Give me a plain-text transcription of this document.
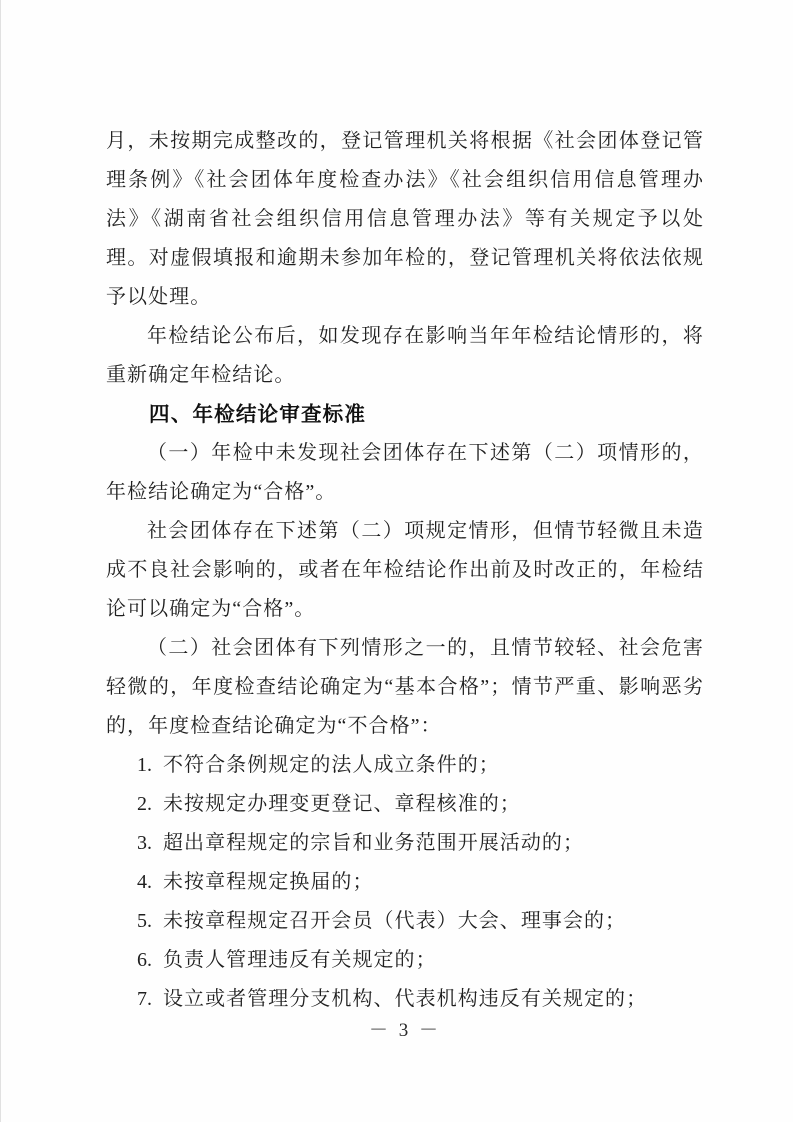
月，未按期完成整改的，登记管理机关将根据《社会团体登记管理条例》《社会团体年度检查办法》《社会组织信用信息管理办法》《湖南省社会组织信用信息管理办法》等有关规定予以处理。对虚假填报和逾期未参加年检的，登记管理机关将依法依规予以处理。

年检结论公布后，如发现存在影响当年年检结论情形的，将重新确定年检结论。

四、年检结论审查标准

（一）年检中未发现社会团体存在下述第（二）项情形的，年检结论确定为“合格”。

社会团体存在下述第（二）项规定情形，但情节轻微且未造成不良社会影响的，或者在年检结论作出前及时改正的，年检结论可以确定为“合格”。

（二）社会团体有下列情形之一的，且情节较轻、社会危害轻微的，年度检查结论确定为“基本合格”；情节严重、影响恶劣的，年度检查结论确定为“不合格”：

1. 不符合条例规定的法人成立条件的；
2. 未按规定办理变更登记、章程核准的；
3. 超出章程规定的宗旨和业务范围开展活动的；
4. 未按章程规定换届的；
5. 未按章程规定召开会员（代表）大会、理事会的；
6. 负责人管理违反有关规定的；
7. 设立或者管理分支机构、代表机构违反有关规定的；
－ 3 －
